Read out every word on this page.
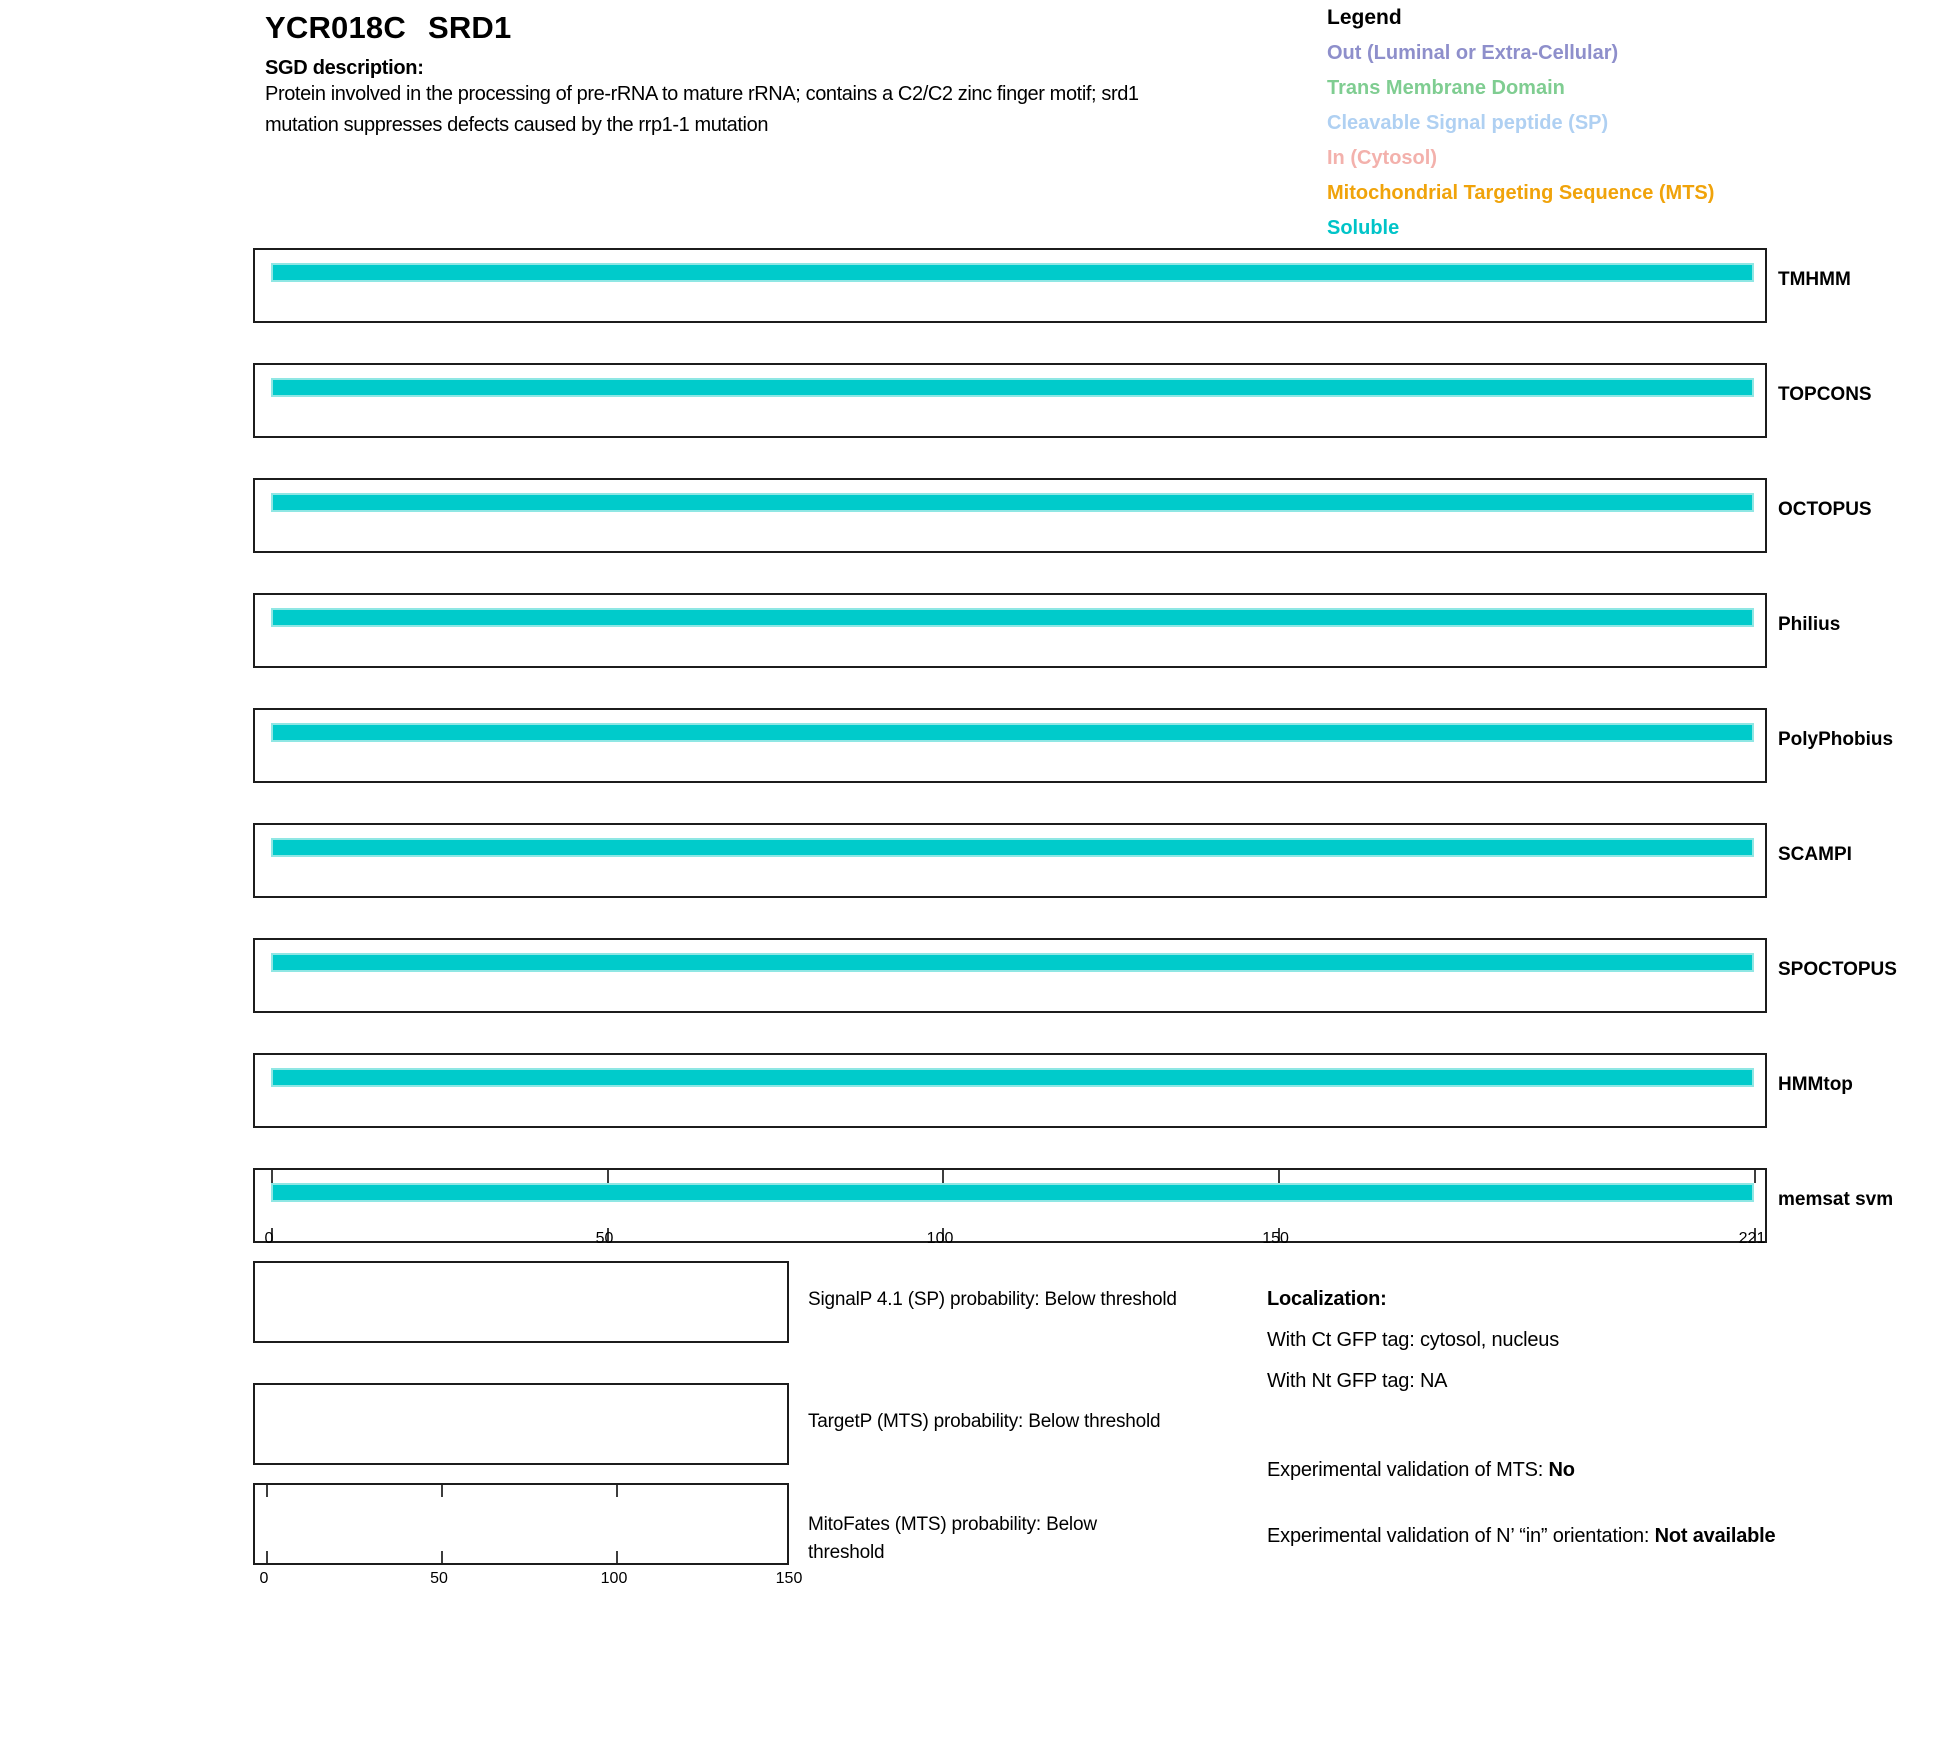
YCR018C SRD1
SGD description:
Protein involved in the processing of pre-rRNA to mature rRNA; contains a C2/C2 zinc finger motif; srd1
mutation suppresses defects caused by the rrp1-1 mutation
Legend
Out (Luminal or Extra-Cellular)
Trans Membrane Domain
Cleavable Signal peptide (SP)
In (Cytosol)
Mitochondrial Targeting Sequence (MTS)
Soluble
TMHMM
TOPCONS
OCTOPUS
Philius
PolyPhobius
SCAMPI
SPOCTOPUS
HMMtop
memsat svm
0	50	100	150	221
SignalP 4.1 (SP) probability: Below threshold
TargetP (MTS) probability: Below threshold
0	50	100	150
MitoFates (MTS) probability: Below
threshold
Localization:
With Ct GFP tag: cytosol, nucleus
With Nt GFP tag: NA
Experimental validation of MTS: No
Experimental validation of N’ “in” orientation: Not available
